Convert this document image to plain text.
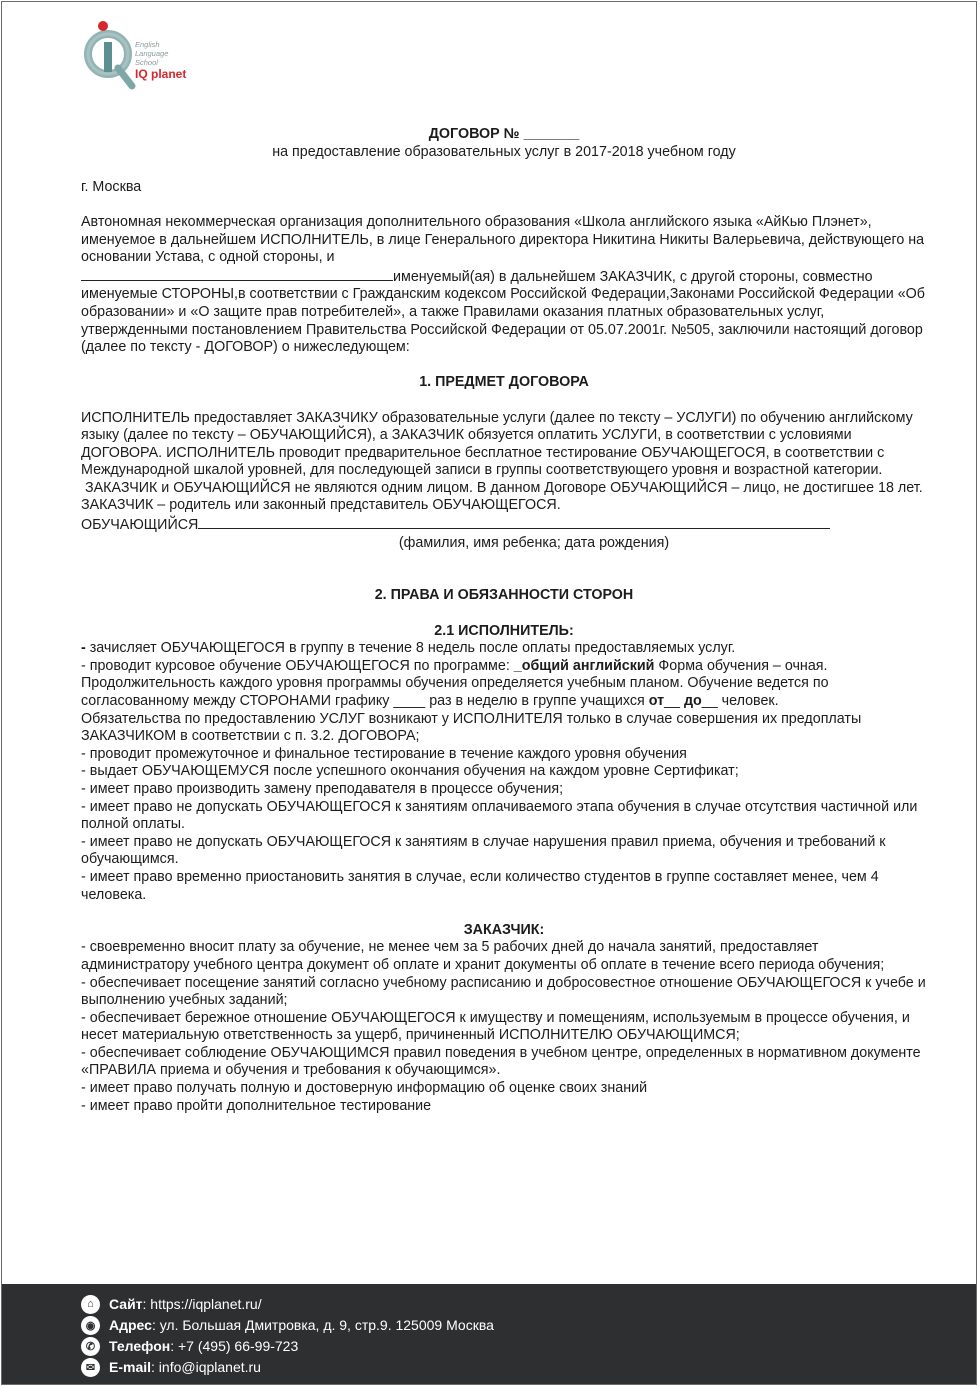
English
Language
School
IQ planet

ДОГОВОР № _______

на предоставление образовательных услуг в 2017-2018 учебном году

г. Москва

Автономная некоммерческая организация дополнительного образования «Школа английского языка «АйКью Плэнет», именуемое в дальнейшем ИСПОЛНИТЕЛЬ, в лице Генерального директора Никитина Никиты Валерьевича, действующего на основании Устава, с одной стороны, и

именуемый(ая) в дальнейшем ЗАКАЗЧИК, с другой стороны, совместно именуемые СТОРОНЫ,в соответствии с Гражданским кодексом Российской Федерации,Законами Российской Федерации «Об образовании» и «О защите прав потребителей», а также Правилами оказания платных образовательных услуг, утвержденными постановлением Правительства Российской Федерации от 05.07.2001г. №505, заключили настоящий договор (далее по тексту - ДОГОВОР) о нижеследующем:

1. ПРЕДМЕТ ДОГОВОРА

ИСПОЛНИТЕЛЬ предоставляет ЗАКАЗЧИКУ образовательные услуги (далее по тексту – УСЛУГИ) по обучению английскому языку (далее по тексту – ОБУЧАЮЩИЙСЯ), а ЗАКАЗЧИК обязуется оплатить УСЛУГИ, в соответствии с условиями ДОГОВОРА. ИСПОЛНИТЕЛЬ проводит предварительное бесплатное тестирование ОБУЧАЮЩЕГОСЯ, в соответствии с Международной шкалой уровней, для последующей записи в группы соответствующего уровня и возрастной категории.

ЗАКАЗЧИК и ОБУЧАЮЩИЙСЯ не являются одним лицом. В данном Договоре ОБУЧАЮЩИЙСЯ – лицо, не достигшее 18 лет. ЗАКАЗЧИК – родитель или законный представитель ОБУЧАЮЩЕГОСЯ.

ОБУЧАЮЩИЙСЯ

(фамилия, имя ребенка; дата рождения)

2. ПРАВА И ОБЯЗАННОСТИ СТОРОН

2.1 ИСПОЛНИТЕЛЬ:

- зачисляет ОБУЧАЮЩЕГОСЯ в группу в течение 8 недель после оплаты предоставляемых услуг.

- проводит курсовое обучение ОБУЧАЮЩЕГОСЯ по программе: _общий английский Форма обучения – очная. Продолжительность каждого уровня программы обучения определяется учебным планом. Обучение ведется по согласованному между СТОРОНАМИ графику ____ раз в неделю в группе учащихся от__ до__ человек.

Обязательства по предоставлению УСЛУГ возникают у ИСПОЛНИТЕЛЯ только в случае совершения их предоплаты ЗАКАЗЧИКОМ в соответствии с п. 3.2. ДОГОВОРА;

- проводит промежуточное и финальное тестирование в течение каждого уровня обучения

- выдает ОБУЧАЮЩЕМУСЯ после успешного окончания обучения на каждом уровне Сертификат;

- имеет право производить замену преподавателя в процессе обучения;

- имеет право не допускать ОБУЧАЮЩЕГОСЯ к занятиям оплачиваемого этапа обучения в случае отсутствия частичной или полной оплаты.

- имеет право не допускать ОБУЧАЮЩЕГОСЯ к занятиям в случае нарушения правил приема, обучения и требований к обучающимся.

- имеет право временно приостановить занятия в случае, если количество студентов в группе составляет менее, чем 4 человека.

ЗАКАЗЧИК:

- своевременно вносит плату за обучение, не менее чем за 5 рабочих дней до начала занятий, предоставляет администратору учебного центра документ об оплате и хранит документы об оплате в течение всего периода обучения;

- обеспечивает посещение занятий согласно учебному расписанию и добросовестное отношение ОБУЧАЮЩЕГОСЯ к учебе и выполнению учебных заданий;

- обеспечивает бережное отношение ОБУЧАЮЩЕГОСЯ к имуществу и помещениям, используемым в процессе обучения, и несет материальную ответственность за ущерб, причиненный ИСПОЛНИТЕЛЮ ОБУЧАЮЩИМСЯ;

- обеспечивает соблюдение ОБУЧАЮЩИМСЯ правил поведения в учебном центре, определенных в нормативном документе «ПРАВИЛА приема и обучения и требования к обучающимся».

- имеет право получать полную и достоверную информацию об оценке своих знаний

- имеет право пройти дополнительное тестирование

⌂	Сайт : https://iqplanet.ru/
◉ Адрес : ул. Большая Дмитровка, д. 9, стр.9. 125009 Москва
✆ Телефон : +7 (495) 66-99-723
✉ E-mail : info@iqplanet.ru
